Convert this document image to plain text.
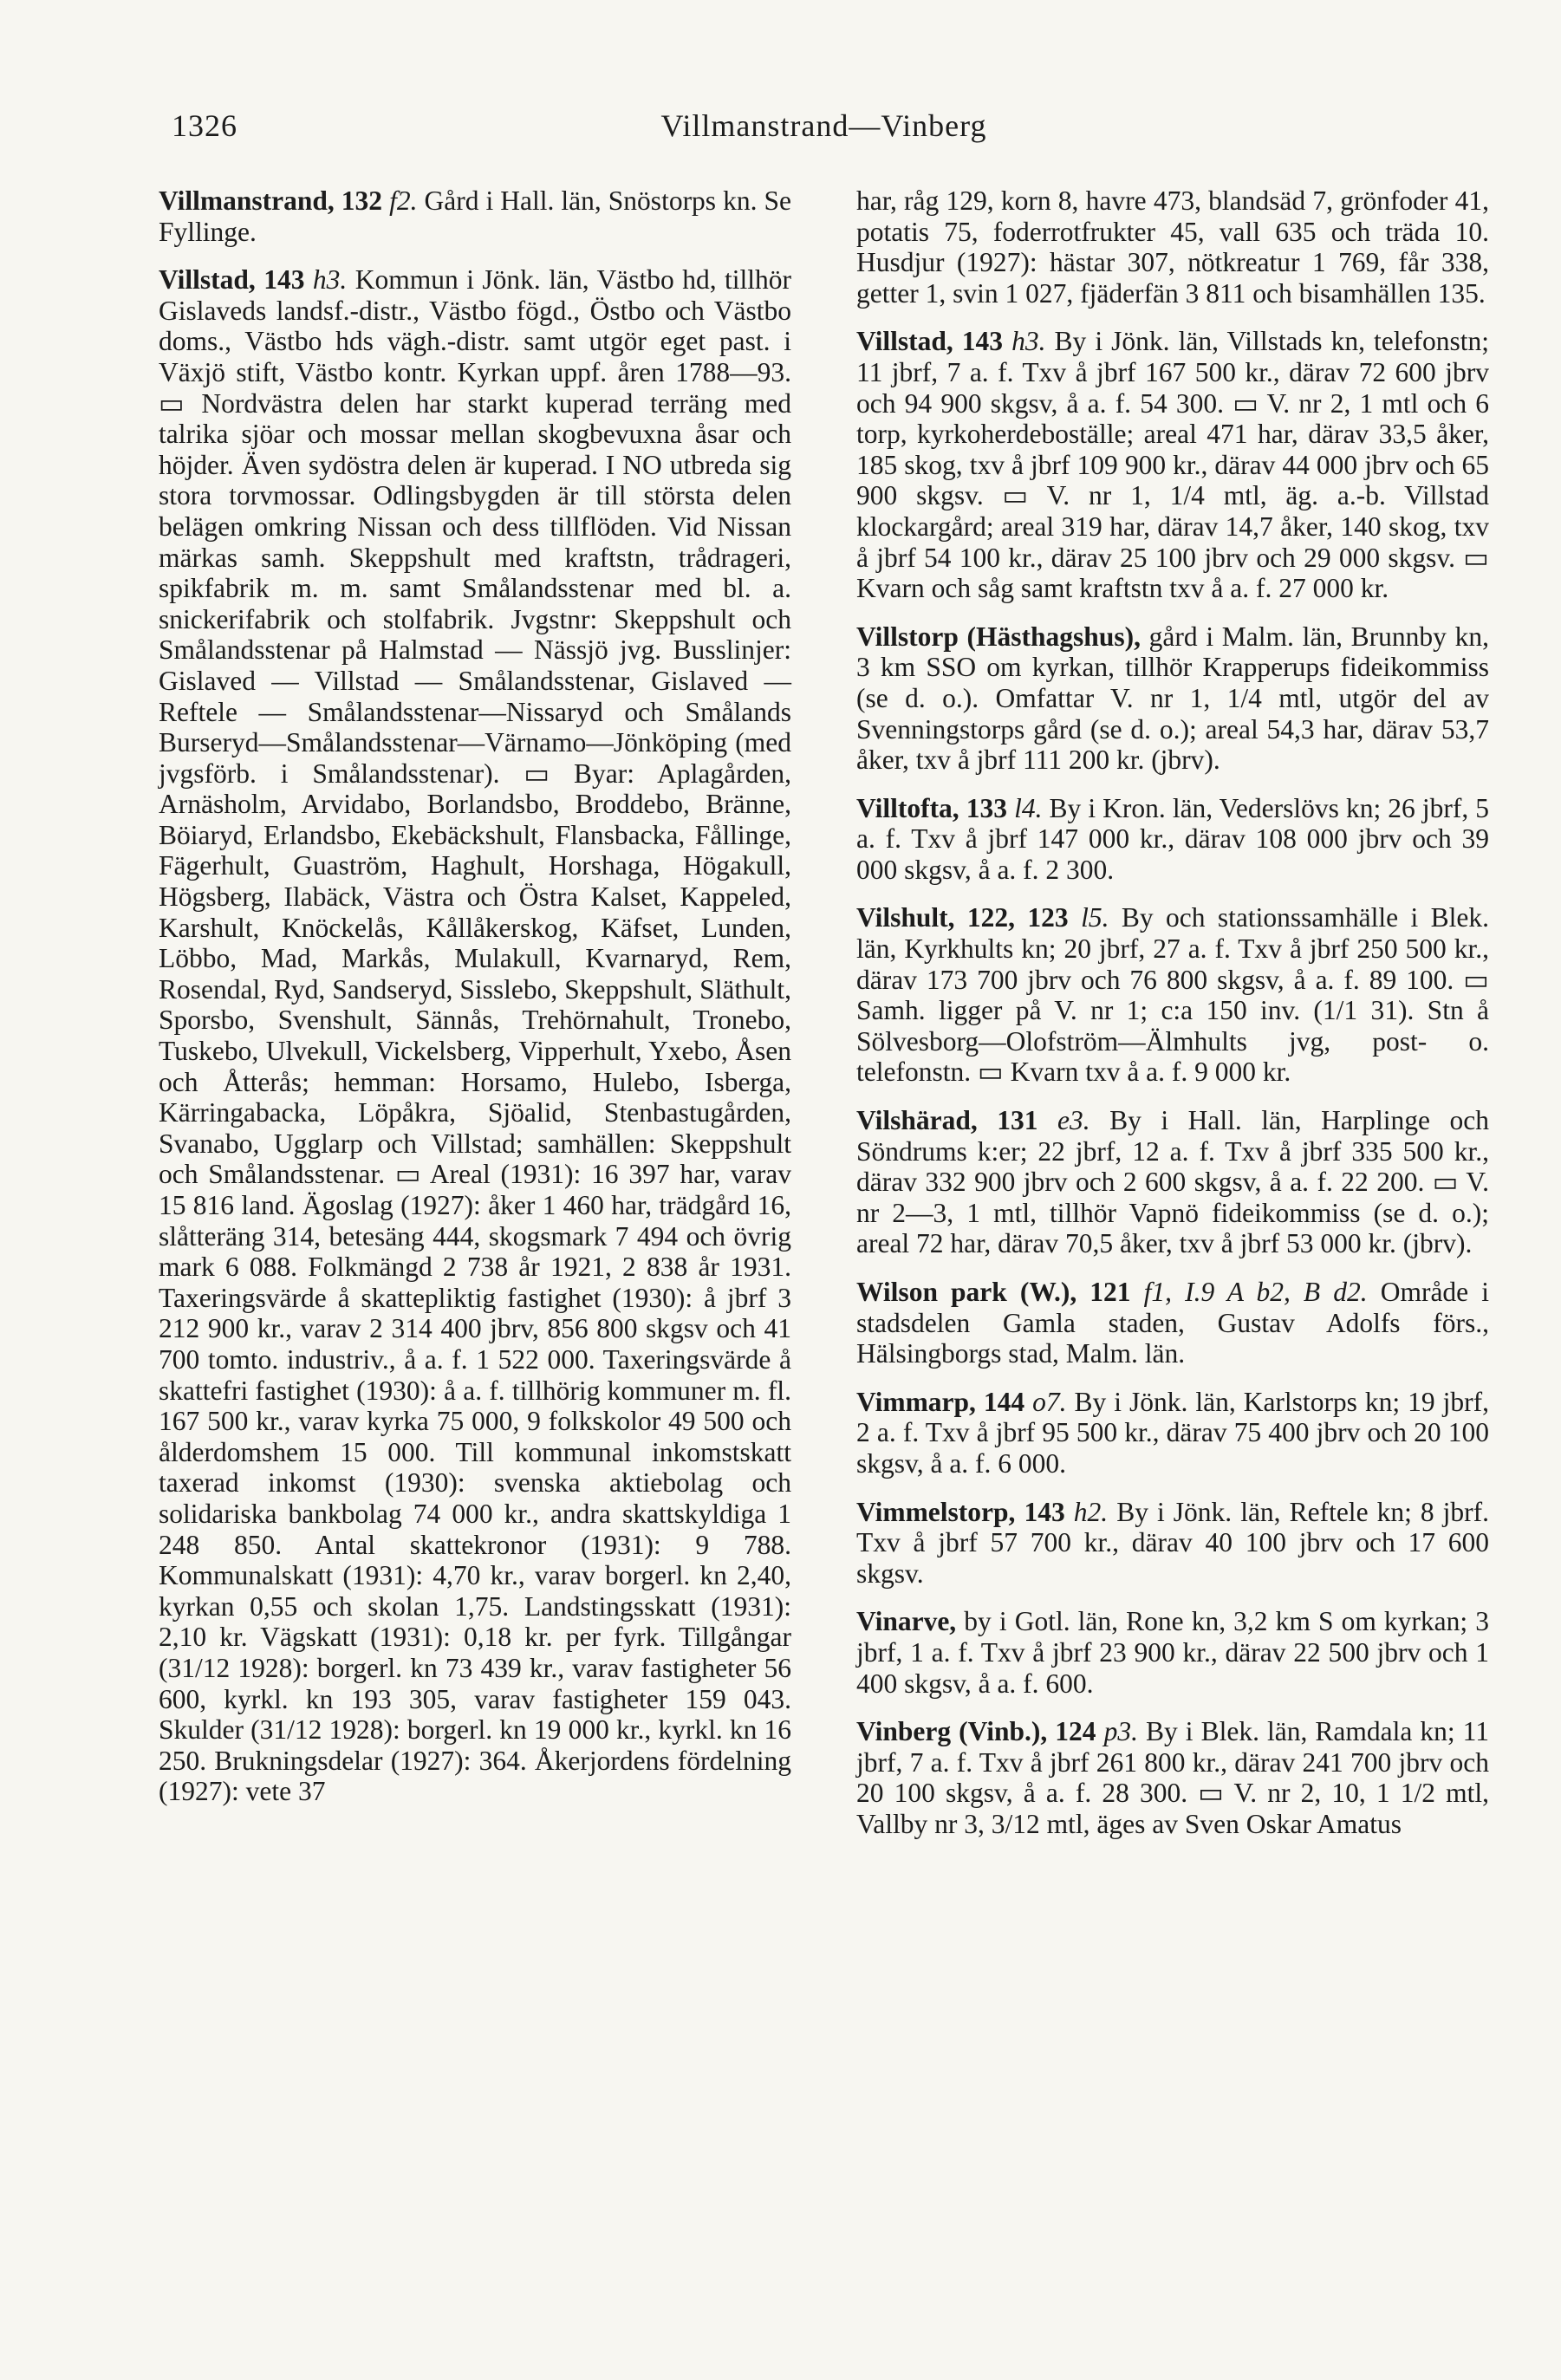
1326	Villmanstrand—Vinberg

Villmanstrand, 132 f2. Gård i Hall. län, Snöstorps kn. Se Fyllinge.

Villstad, 143 h3. Kommun i Jönk. län, Västbo hd, tillhör Gislaveds landsf.-distr., Västbo fögd., Östbo och Västbo doms., Västbo hds vägh.-distr. samt utgör eget past. i Växjö stift, Västbo kontr. Kyrkan uppf. åren 1788—93. ▭ Nordvästra delen har starkt kuperad terräng med talrika sjöar och mossar mellan skogbevuxna åsar och höjder. Även sydöstra delen är kuperad. I NO utbreda sig stora torvmossar. Odlingsbygden är till största delen belägen omkring Nissan och dess tillflöden. Vid Nissan märkas samh. Skeppshult med kraftstn, trådrageri, spikfabrik m. m. samt Smålandsstenar med bl. a. snickerifabrik och stolfabrik. Jvgstnr: Skeppshult och Smålandsstenar på Halmstad — Nässjö jvg. Busslinjer: Gislaved — Villstad — Smålandsstenar, Gislaved — Reftele — Smålandsstenar—Nissaryd och Smålands Burseryd—Smålandsstenar—Värnamo—Jönköping (med jvgsförb. i Smålandsstenar). ▭ Byar: Aplagården, Arnäsholm, Arvidabo, Borlandsbo, Broddebo, Bränne, Böiaryd, Erlandsbo, Ekebäckshult, Flansbacka, Fållinge, Fägerhult, Guaström, Haghult, Horshaga, Högakull, Högsberg, Ilabäck, Västra och Östra Kalset, Kappeled, Karshult, Knöckelås, Kållåkerskog, Käfset, Lunden, Löbbo, Mad, Markås, Mulakull, Kvarnaryd, Rem, Rosendal, Ryd, Sandseryd, Sisslebo, Skeppshult, Släthult, Sporsbo, Svenshult, Sännås, Trehörnahult, Tronebo, Tuskebo, Ulvekull, Vickelsberg, Vipperhult, Yxebo, Åsen och Åtterås; hemman: Horsamo, Hulebo, Isberga, Kärringabacka, Löpåkra, Sjöalid, Stenbastugården, Svanabo, Ugglarp och Villstad; samhällen: Skeppshult och Smålandsstenar. ▭ Areal (1931): 16 397 har, varav 15 816 land. Ägoslag (1927): åker 1 460 har, trädgård 16, slåtteräng 314, betesäng 444, skogsmark 7 494 och övrig mark 6 088. Folkmängd 2 738 år 1921, 2 838 år 1931. Taxeringsvärde å skattepliktig fastighet (1930): å jbrf 3 212 900 kr., varav 2 314 400 jbrv, 856 800 skgsv och 41 700 tomto. industriv., å a. f. 1 522 000. Taxeringsvärde å skattefri fastighet (1930): å a. f. tillhörig kommuner m. fl. 167 500 kr., varav kyrka 75 000, 9 folkskolor 49 500 och ålderdomshem 15 000. Till kommunal inkomstskatt taxerad inkomst (1930): svenska aktiebolag och solidariska bankbolag 74 000 kr., andra skattskyldiga 1 248 850. Antal skattekronor (1931): 9 788. Kommunalskatt (1931): 4,70 kr., varav borgerl. kn 2,40, kyrkan 0,55 och skolan 1,75. Landstingsskatt (1931): 2,10 kr. Vägskatt (1931): 0,18 kr. per fyrk. Tillgångar (31/12 1928): borgerl. kn 73 439 kr., varav fastigheter 56 600, kyrkl. kn 193 305, varav fastigheter 159 043. Skulder (31/12 1928): borgerl. kn 19 000 kr., kyrkl. kn 16 250. Brukningsdelar (1927): 364. Åkerjordens fördelning (1927): vete 37

har, råg 129, korn 8, havre 473, blandsäd 7, grönfoder 41, potatis 75, foderrotfrukter 45, vall 635 och träda 10. Husdjur (1927): hästar 307, nötkreatur 1 769, får 338, getter 1, svin 1 027, fjäderfän 3 811 och bisamhällen 135.

Villstad, 143 h3. By i Jönk. län, Villstads kn, telefonstn; 11 jbrf, 7 a. f. Txv å jbrf 167 500 kr., därav 72 600 jbrv och 94 900 skgsv, å a. f. 54 300. ▭ V. nr 2, 1 mtl och 6 torp, kyrkoherdeboställe; areal 471 har, därav 33,5 åker, 185 skog, txv å jbrf 109 900 kr., därav 44 000 jbrv och 65 900 skgsv. ▭ V. nr 1, 1/4 mtl, äg. a.-b. Villstad klockargård; areal 319 har, därav 14,7 åker, 140 skog, txv å jbrf 54 100 kr., därav 25 100 jbrv och 29 000 skgsv. ▭ Kvarn och såg samt kraftstn txv å a. f. 27 000 kr.

Villstorp (Hästhagshus), gård i Malm. län, Brunnby kn, 3 km SSO om kyrkan, tillhör Krapperups fideikommiss (se d. o.). Omfattar V. nr 1, 1/4 mtl, utgör del av Svenningstorps gård (se d. o.); areal 54,3 har, därav 53,7 åker, txv å jbrf 111 200 kr. (jbrv).

Villtofta, 133 l4. By i Kron. län, Vederslövs kn; 26 jbrf, 5 a. f. Txv å jbrf 147 000 kr., därav 108 000 jbrv och 39 000 skgsv, å a. f. 2 300.

Vilshult, 122, 123 l5. By och stationssamhälle i Blek. län, Kyrkhults kn; 20 jbrf, 27 a. f. Txv å jbrf 250 500 kr., därav 173 700 jbrv och 76 800 skgsv, å a. f. 89 100. ▭ Samh. ligger på V. nr 1; c:a 150 inv. (1/1 31). Stn å Sölvesborg—Olofström—Älmhults jvg, post- o. telefonstn. ▭ Kvarn txv å a. f. 9 000 kr.

Vilshärad, 131 e3. By i Hall. län, Harplinge och Söndrums k:er; 22 jbrf, 12 a. f. Txv å jbrf 335 500 kr., därav 332 900 jbrv och 2 600 skgsv, å a. f. 22 200. ▭ V. nr 2—3, 1 mtl, tillhör Vapnö fideikommiss (se d. o.); areal 72 har, därav 70,5 åker, txv å jbrf 53 000 kr. (jbrv).

Wilson park (W.), 121 f1, I.9 A b2, B d2. Område i stadsdelen Gamla staden, Gustav Adolfs förs., Hälsingborgs stad, Malm. län.

Vimmarp, 144 o7. By i Jönk. län, Karlstorps kn; 19 jbrf, 2 a. f. Txv å jbrf 95 500 kr., därav 75 400 jbrv och 20 100 skgsv, å a. f. 6 000.

Vimmelstorp, 143 h2. By i Jönk. län, Reftele kn; 8 jbrf. Txv å jbrf 57 700 kr., därav 40 100 jbrv och 17 600 skgsv.

Vinarve, by i Gotl. län, Rone kn, 3,2 km S om kyrkan; 3 jbrf, 1 a. f. Txv å jbrf 23 900 kr., därav 22 500 jbrv och 1 400 skgsv, å a. f. 600.

Vinberg (Vinb.), 124 p3. By i Blek. län, Ramdala kn; 11 jbrf, 7 a. f. Txv å jbrf 261 800 kr., därav 241 700 jbrv och 20 100 skgsv, å a. f. 28 300. ▭ V. nr 2, 10, 1 1/2 mtl, Vallby nr 3, 3/12 mtl, äges av Sven Oskar Amatus
